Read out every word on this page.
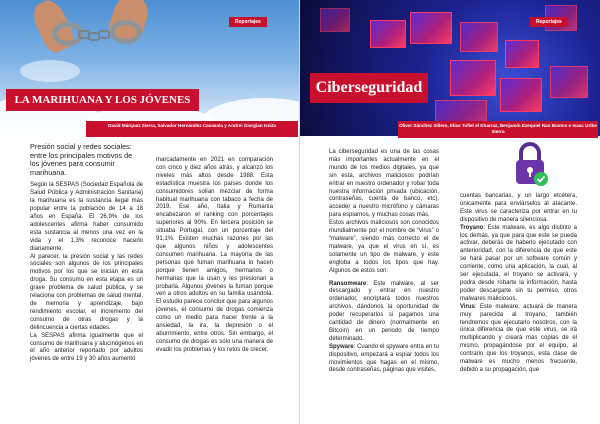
Reportajes
LA MARIHUANA Y LOS JÓVENES
David Márquez Sierra, Salvador Hernández Casasola y Andrei Giorgian Isnita

Presión social y redes sociales: entre los principales motivos de los jóvenes para consumir marihuana.

Según la SESPAS (Sociedad Española de Salud Pública y Administración Sanitaria) la marihuana es la sustancia ilegal más popular entre la población de 14 a 18 años en España. El 26,9% de los adolescentes afirma haber consumido esta sustancia al menos una vez en la vida y el 1,3% reconoce hacerlo diariamente.

Al parecer, la presión social y las redes sociales son algunos de los principales motivos por los que se inician en esta droga. Su consumo en esta etapa es un grave problema de salud pública, y se relaciona con problemas de salud mental, de memoria y aprendizaje, bajo rendimiento escolar, el incremento del consumo de otras drogas y la delincuencia a ciertas edades.

La SESPAS afirma igualmente que el consumo de marihuana y alucinógenos en el año anterior reportado por adultos jóvenes de entre 19 y 30 años aumentó

marcadamente en 2021 en comparación con cinco y diez años atrás, y alcanzó los niveles más altos desde 1988. Esta estadística muestra los países donde los consumidores solían mezclar de forma habitual marihuana con tabaco a fecha de 2019. Ese año, Italia y Rumanía encabezaron el ranking con porcentajes superiores al 90%. En tercera posición se situaba Portugal, con un porcentaje del 91,1%. Existen muchas razones por las que algunos niños y adolescentes consumen marihuana. La mayoría de las personas que fuman marihuana lo hacen porque tienen amigos, hermanos o hermanas que la usan y les presionan a probarla. Algunos jóvenes la fuman porque ven a otros adultos en su familia usándola. El estudio parece concluir que para algunos jóvenes, el consumo de drogas comienza como un medio para hacer frente a la ansiedad, la ira, la depresión o el aburrimiento, entre otros. Sin embargo, el consumo de drogas es sólo una manera de evadir los problemas y los retos de crecer.

Reportajes
Ciberseguridad
Oliver Sánchez Sillero, Elías Tufiel el Kharraz, Benjamín Ezequiel Rao Bustos e Isaac Uribe Sierra

La ciberseguridad es una de las cosas más importantes actualmente en el mundo de los medios digitales, ya que sin esta, archivos maliciosos podrían entrar en nuestro ordenador y robar toda nuestra información privada (ubicación, contraseñas, cuenta de banco, etc), acceder a nuestro micrófono y cámaras para espiarnos, y muchas cosas más.

Estos archivos maliciosos son conocidos mundialmente por el nombre de “virus” o “malware”, siendo más correcto el de malware, ya que el virus en sí, es solamente un tipo de malware, y este engloba a todos los tipos que hay. Algunos de estos son:

Ransomware: Este malware, al ser descargado y entrar en nuestro ordenador, encriptará todos nuestros archivos, dándonos la oportunidad de poder recuperarlos si pagamos una cantidad de dinero (normalmente en Bitcoin) en un periodo de tiempo determinado.

Spyware: Cuando el spyware entra en tu dispositivo, empezará a espiar todos los movimientos que hagas en el mismo, desde contraseñas, páginas que visites,

cuentas bancarias, y un largo etcétera, únicamente para enviárselos al atacante. Este virus se caracteriza por entrar en tu dispositivo de manera silenciosa.

Troyano: Este malware, es algo distinto a los demás, ya que para que este se pueda activar, deberás de haberlo ejecutado con anterioridad, con la diferencia de que este se hará pasar por un software común y corriente, como una aplicación, la cual, al ser ejecutada, el troyano se activará, y podrá desde robarte la información, hasta poder descargarte sin tu permiso, otros malwares maliciosos.

Virus: Este malware, actuará de manera muy parecida al troyano, también tendremos que ejecutarlo nosotros, con la única diferencia de que este virus, se irá multiplicando y creará más copias de él mismo, propagándose por el equipo, al contrario que los troyanos, esta clase de malware es mucho menos frecuente, debido a su propagación, que
